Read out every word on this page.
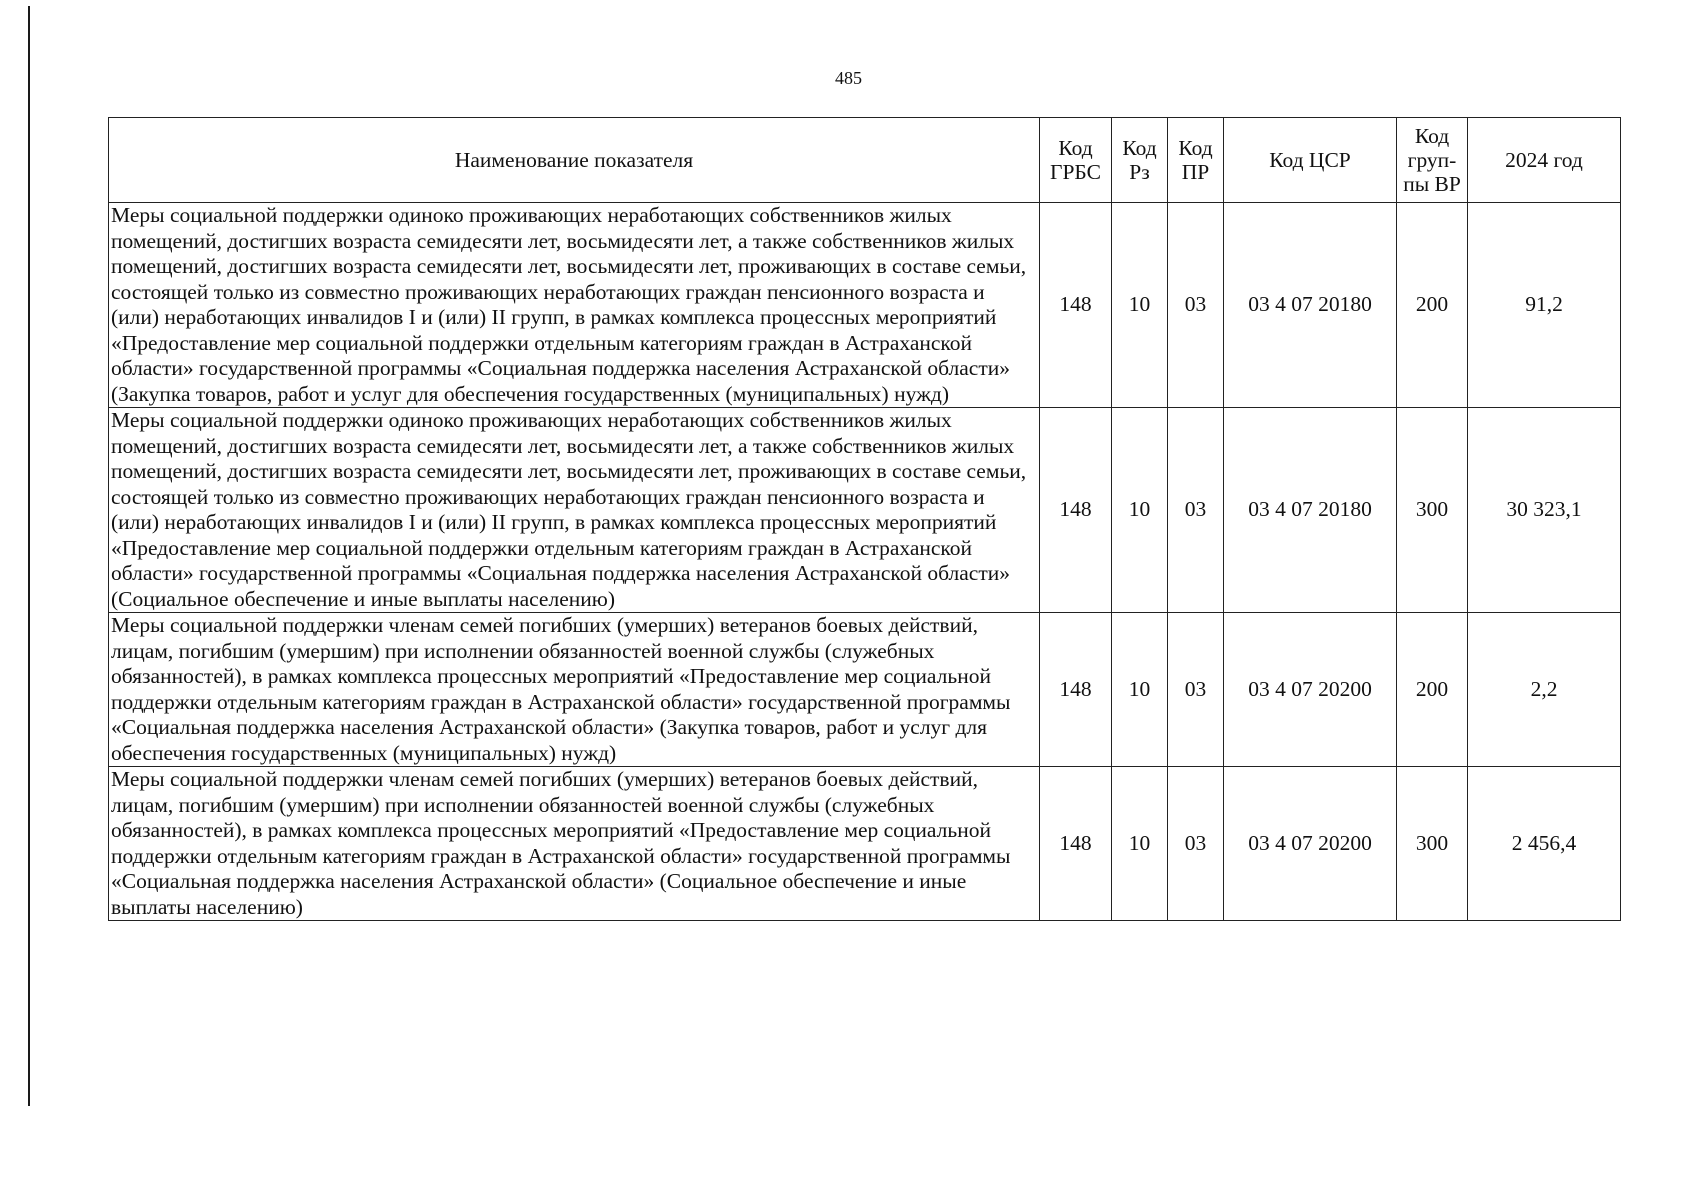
485
Наименование показателя	Код ГРБС	Код Рз	Код ПР	Код ЦСР	Код груп-пы ВР	2024 год
Меры социальной поддержки одиноко проживающих неработающих собственников жилых помещений, достигших возраста семидесяти лет, восьмидесяти лет, а также собственников жилых помещений, достигших возраста семидесяти лет, восьмидесяти лет, проживающих в составе семьи, состоящей только из совместно проживающих неработающих граждан пенсионного возраста и (или) неработающих инвалидов I и (или) II групп, в рамках комплекса процессных мероприятий «Предоставление мер социальной поддержки отдельным категориям граждан в Астраханской области» государственной программы «Социальная поддержка населения Астраханской области» (Закупка товаров, работ и услуг для обеспечения государственных (муниципальных) нужд)	148	10	03	03 4 07 20180	200	91,2
Меры социальной поддержки одиноко проживающих неработающих собственников жилых помещений, достигших возраста семидесяти лет, восьмидесяти лет, а также собственников жилых помещений, достигших возраста семидесяти лет, восьмидесяти лет, проживающих в составе семьи, состоящей только из совместно проживающих неработающих граждан пенсионного возраста и (или) неработающих инвалидов I и (или) II групп, в рамках комплекса процессных мероприятий «Предоставление мер социальной поддержки отдельным категориям граждан в Астраханской области» государственной программы «Социальная поддержка населения Астраханской области» (Социальное обеспечение и иные выплаты населению)	148	10	03	03 4 07 20180	300	30 323,1
Меры социальной поддержки членам семей погибших (умерших) ветеранов боевых действий, лицам, погибшим (умершим) при исполнении обязанностей военной службы (служебных обязанностей), в рамках комплекса процессных мероприятий «Предоставление мер социальной поддержки отдельным категориям граждан в Астраханской области» государственной программы «Социальная поддержка населения Астраханской области» (Закупка товаров, работ и услуг для обеспечения государственных (муниципальных) нужд)	148	10	03	03 4 07 20200	200	2,2
Меры социальной поддержки членам семей погибших (умерших) ветеранов боевых действий, лицам, погибшим (умершим) при исполнении обязанностей военной службы (служебных обязанностей), в рамках комплекса процессных мероприятий «Предоставление мер социальной поддержки отдельным категориям граждан в Астраханской области» государственной программы «Социальная поддержка населения Астраханской области» (Социальное обеспечение и иные выплаты населению)	148	10	03	03 4 07 20200	300	2 456,4
